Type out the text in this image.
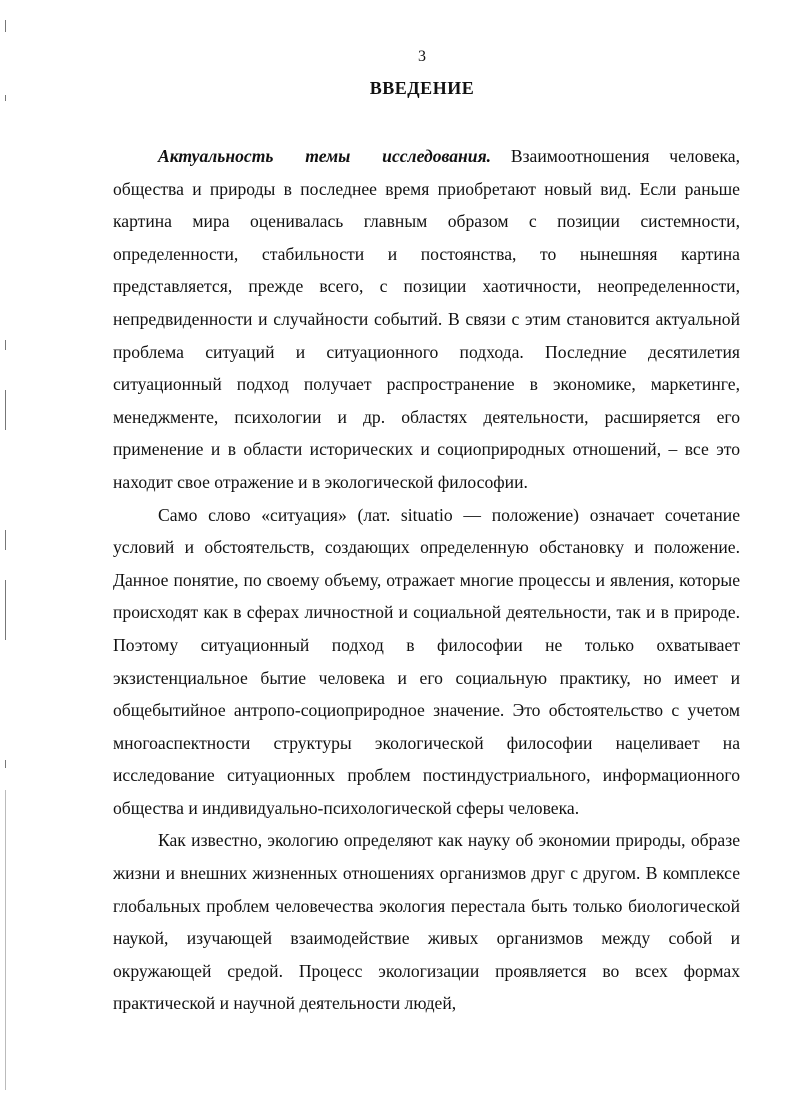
3
ВВЕДЕНИЕ

Актуальность темы исследования. Взаимоотношения человека, общества и природы в последнее время приобретают новый вид. Если раньше картина мира оценивалась главным образом с позиции системности, определенности, стабильности и постоянства, то нынешняя картина представляется, прежде всего, с позиции хаотичности, неопределенности, непредвиденности и случайности событий. В связи с этим становится актуальной проблема ситуаций и ситуационного подхода. Последние десятилетия ситуационный подход получает распространение в экономике, маркетинге, менеджменте, психологии и др. областях деятельности, расширяется его применение и в области исторических и социоприродных отношений, – все это находит свое отражение и в экологической философии.

Само слово «ситуация» (лат. situatio — положение) означает сочетание условий и обстоятельств, создающих определенную обстановку и положение. Данное понятие, по своему объему, отражает многие процессы и явления, которые происходят как в сферах личностной и социальной деятельности, так и в природе. Поэтому ситуационный подход в философии не только охватывает экзистенциальное бытие человека и его социальную практику, но имеет и общебытийное антропо-социоприродное значение. Это обстоятельство с учетом многоаспектности структуры экологической философии нацеливает на исследование ситуационных проблем постиндустриального, информационного общества и индивидуально-психологической сферы человека.

Как известно, экологию определяют как науку об экономии природы, образе жизни и внешних жизненных отношениях организмов друг с другом. В комплексе глобальных проблем человечества экология перестала быть только биологической наукой, изучающей взаимодействие живых организмов между собой и окружающей средой. Процесс экологизации проявляется во всех формах практической и научной деятельности людей,
